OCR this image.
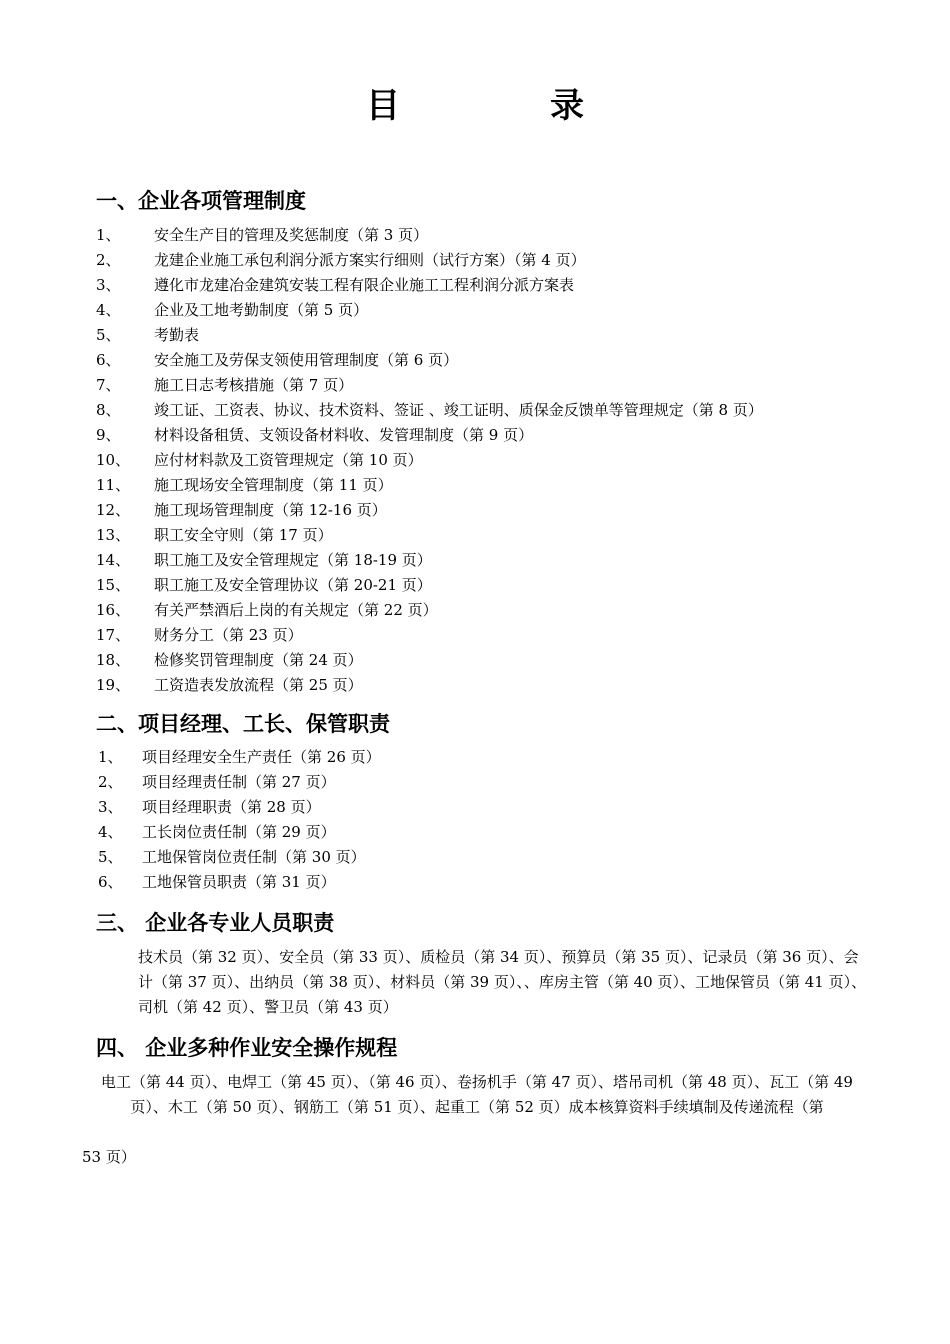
目　录
一、企业各项管理制度
1、 安全生产目的管理及奖惩制度（第 3 页）
2、 龙建企业施工承包利润分派方案实行细则（试行方案）（第 4 页）
3、 遵化市龙建冶金建筑安装工程有限企业施工工程利润分派方案表
4、 企业及工地考勤制度（第 5 页）
5、 考勤表
6、 安全施工及劳保支领使用管理制度（第 6 页）
7、 施工日志考核措施（第 7 页）
8、 竣工证、工资表、协议、技术资料、签证 、竣工证明、质保金反馈单等管理规定（第 8 页）
9、 材料设备租赁、支领设备材料收、发管理制度（第 9 页）
10、 应付材料款及工资管理规定（第 10 页）
11、 施工现场安全管理制度（第 11 页）
12、 施工现场管理制度（第 12-16 页）
13、 职工安全守则（第 17 页）
14、 职工施工及安全管理规定（第 18-19 页）
15、 职工施工及安全管理协议（第 20-21 页）
16、 有关严禁酒后上岗的有关规定（第 22 页）
17、 财务分工（第 23 页）
18、 检修奖罚管理制度（第 24 页）
19、 工资造表发放流程（第 25 页）
二、项目经理、工长、保管职责
1、 项目经理安全生产责任（第 26 页）
2、 项目经理责任制（第 27 页）
3、 项目经理职责（第 28 页）
4、 工长岗位责任制（第 29 页）
5、 工地保管岗位责任制（第 30 页）
6、 工地保管员职责（第 31 页）
三、 企业各专业人员职责
技术员（第 32 页）、安全员（第 33 页）、质检员（第 34 页）、预算员（第 35 页）、记录员（第 36 页）、会计（第 37 页）、出纳员（第 38 页）、材料员（第 39 页）、、库房主管（第 40 页）、工地保管员（第 41 页）、司机（第 42 页）、警卫员（第 43 页）
四、 企业多种作业安全操作规程
电工（第 44 页）、电焊工（第 45 页）、（第 46 页）、卷扬机手（第 47 页）、塔吊司机（第 48 页）、瓦工（第 49 页）、木工（第 50 页）、钢筋工（第 51 页）、起重工（第 52 页）成本核算资料手续填制及传递流程（第
53 页）
